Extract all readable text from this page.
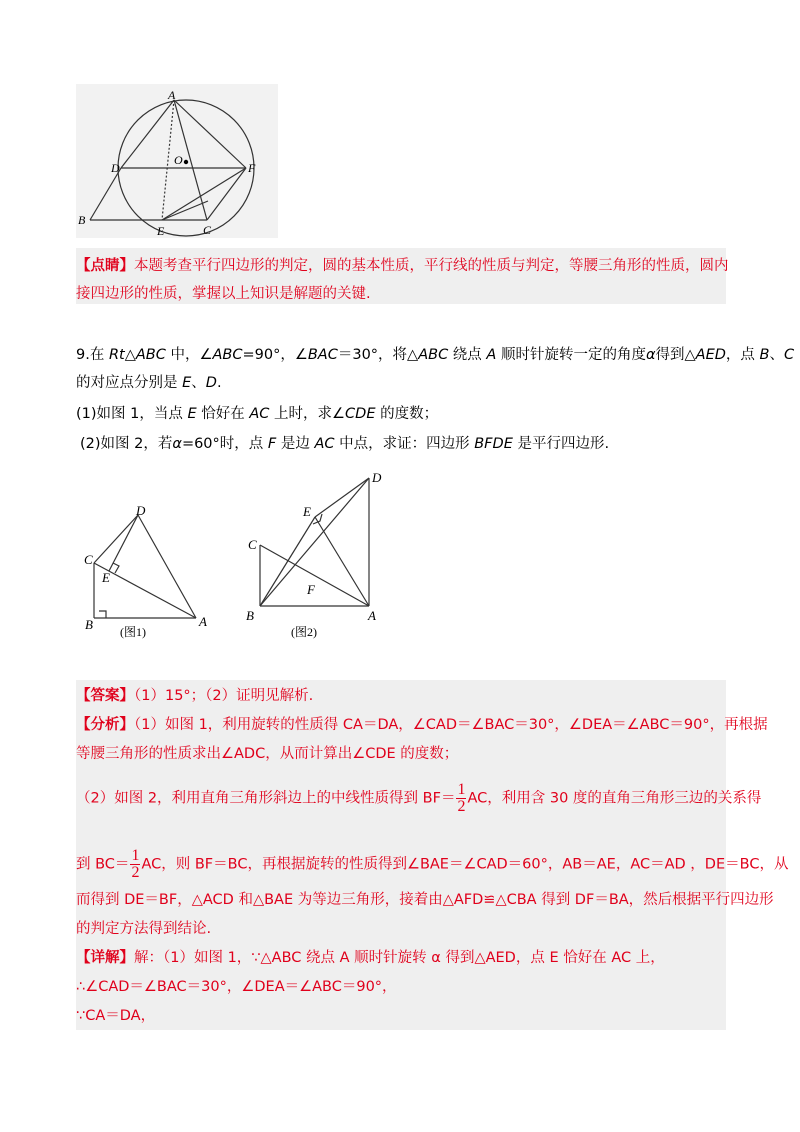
A
O
D	F
B
E	C
【点睛】本题考查平行四边形的判定，圆的基本性质，平行线的性质与判定，等腰三角形的性质，圆内
接四边形的性质，掌握以上知识是解题的关键.
9.在 Rt△ABC 中，∠ABC=90°，∠BAC＝30°，将△ABC 绕点 A 顺时针旋转一定的角度α得到△AED，点 B、C
的对应点分别是 E、D.
(1)如图 1，当点 E 恰好在 AC 上时，求∠CDE 的度数；
(2)如图 2，若α=60°时，点 F 是边 AC 中点，求证：四边形 BFDE 是平行四边形.
D
C
E
B	A
(图1)
D
E
C
F
B	A
(图2)
【答案】（1）15°；（2）证明见解析.
【分析】（1）如图 1，利用旋转的性质得 CA＝DA，∠CAD＝∠BAC＝30°，∠DEA＝∠ABC＝90°，再根据
等腰三角形的性质求出∠ADC，从而计算出∠CDE 的度数；
（2）如图 2，利用直角三角形斜边上的中线性质得到 $BF= \frac{1}{2}$ AC，利用含 30 度的直角三角形三边的关系得
到 $BC= \frac{1}{2}$ AC，则 BF＝BC，再根据旋转的性质得到∠BAE＝∠CAD＝60°，AB＝AE，AC＝AD ，DE＝BC，从
而得到 DE＝BF，△ACD 和△BAE 为等边三角形，接着由△AFD≌△CBA 得到 DF＝BA，然后根据平行四边形
的判定方法得到结论.
【详解】解：（1）如图 1，∵△ABC 绕点 A 顺时针旋转 α 得到△AED，点 E 恰好在 AC 上，
∴∠CAD＝∠BAC＝30°，∠DEA＝∠ABC＝90°，
∵CA＝DA，
